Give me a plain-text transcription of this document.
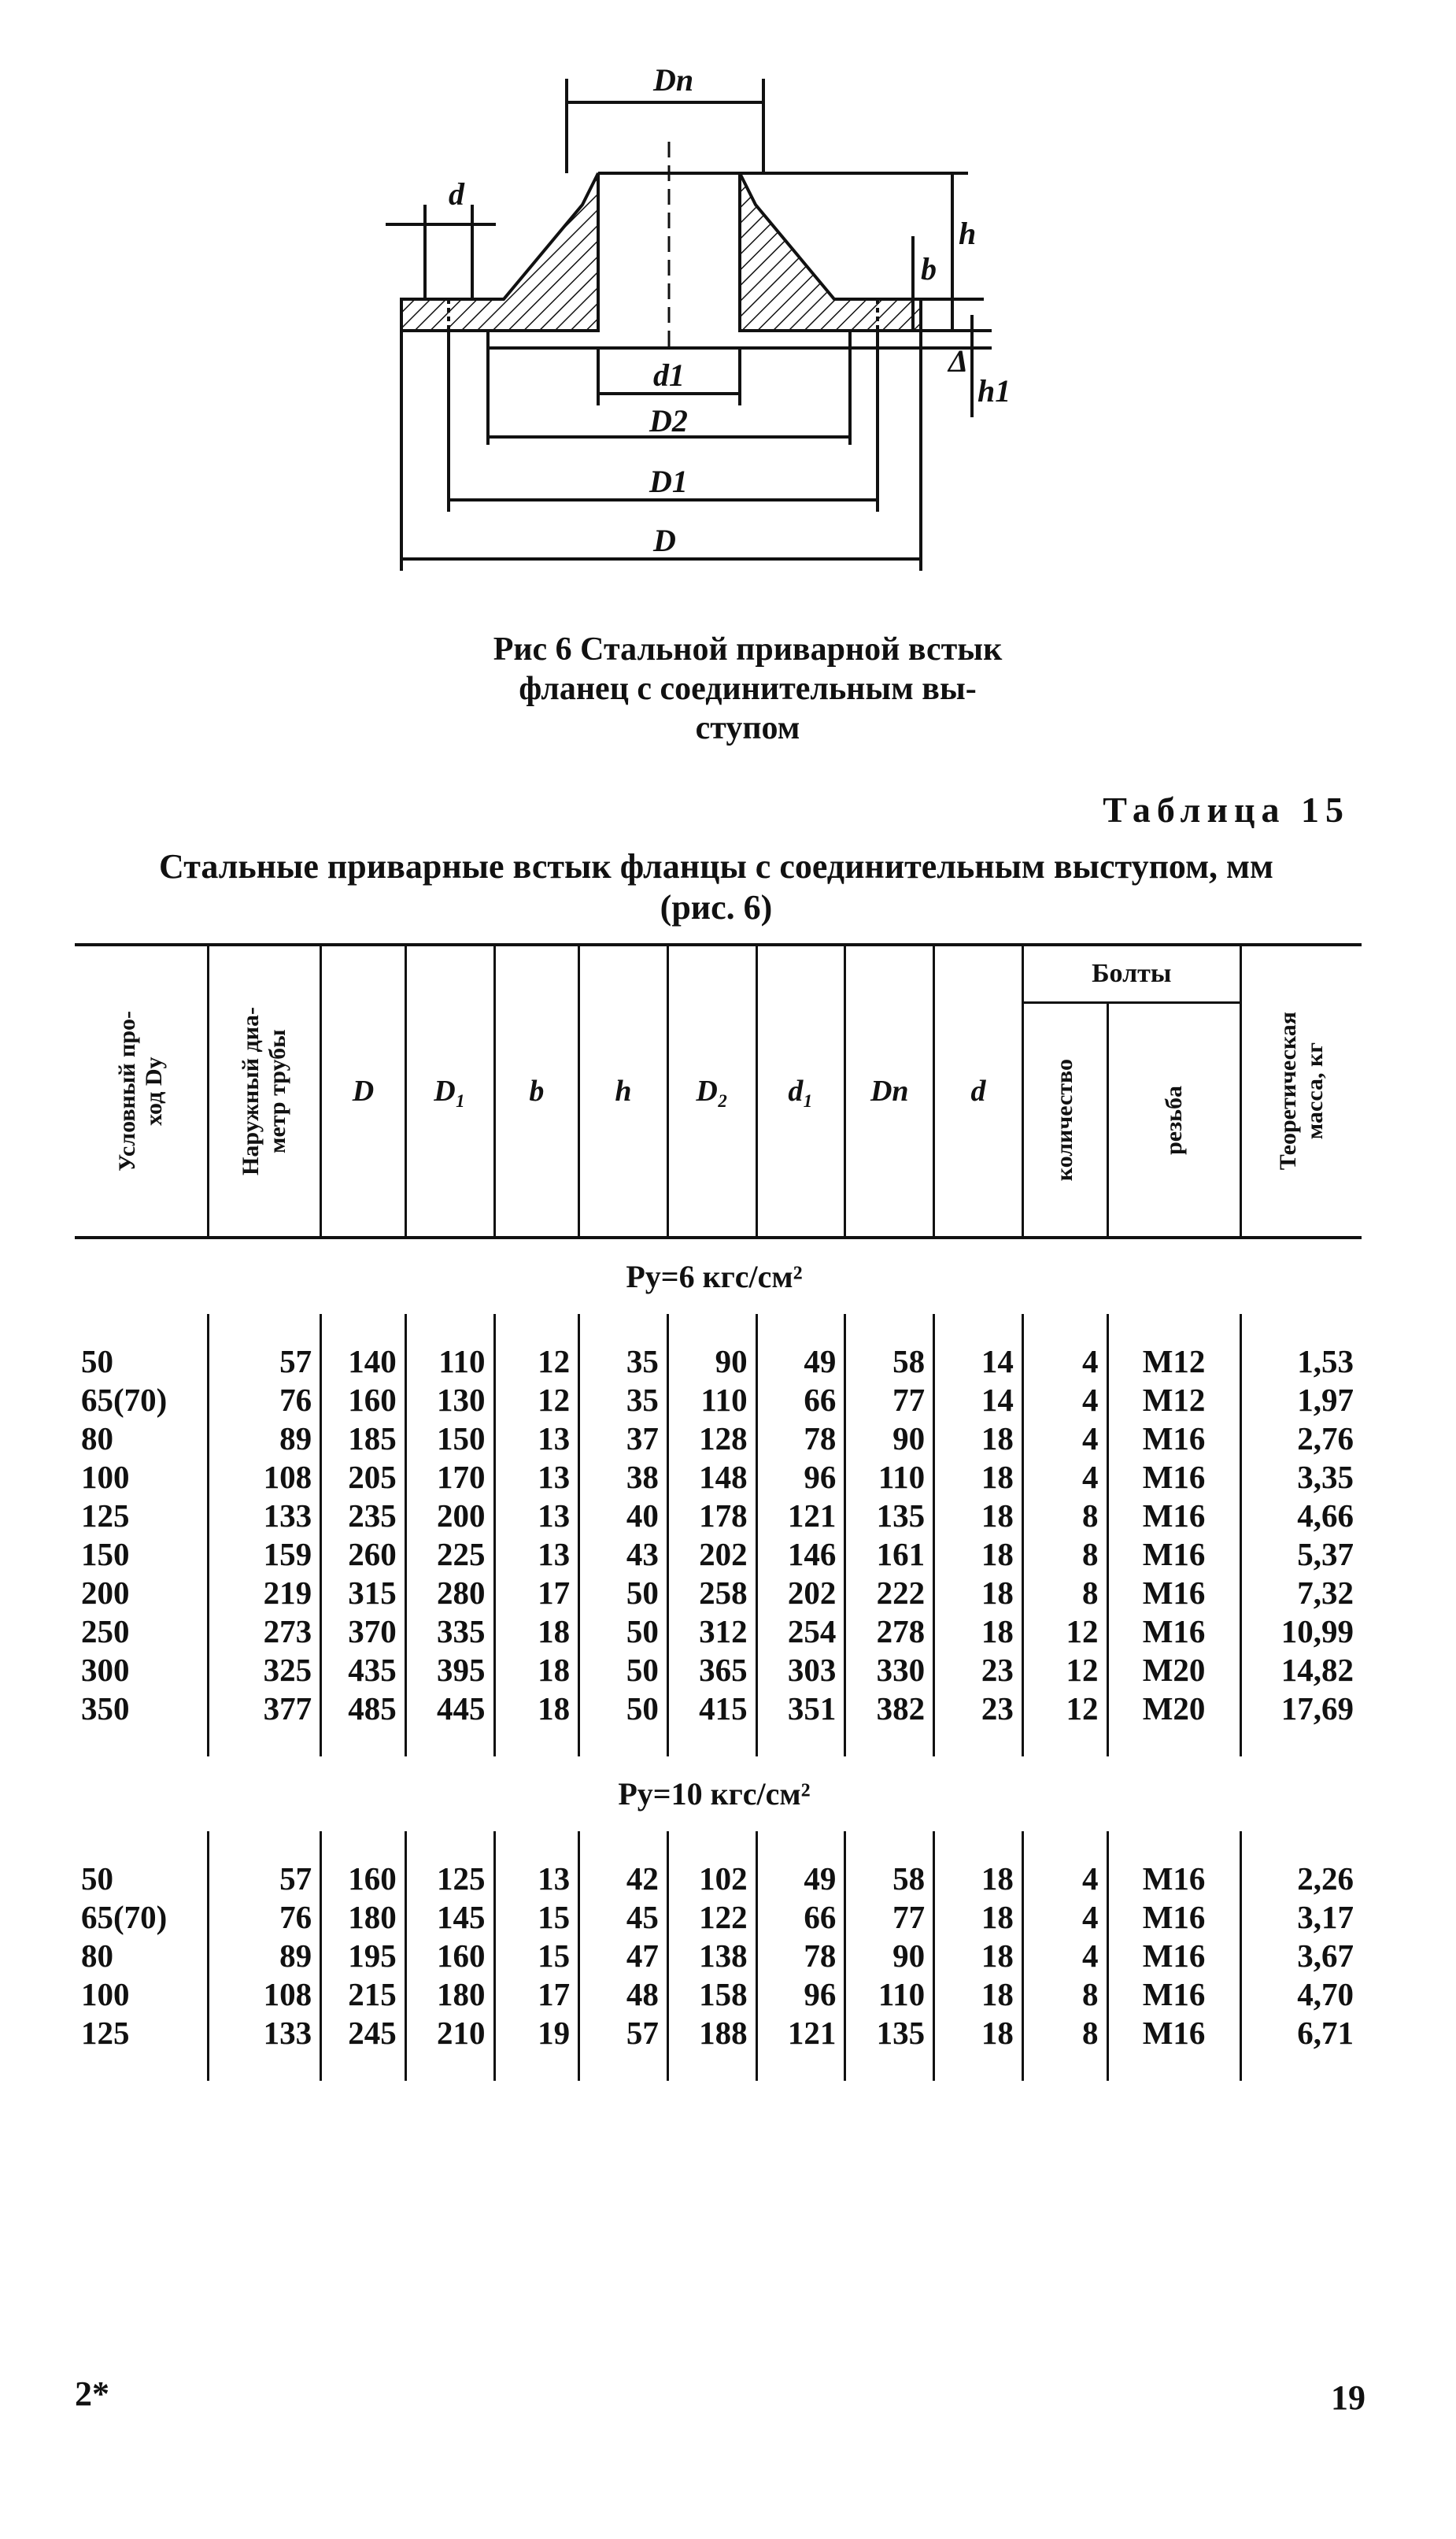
Dn
d
d1
D2
D1
D
h
b
h1
Δ
Рис 6 Стальной приварной встык
фланец с соединительным вы-
ступом
Таблица 15
Стальные приварные встык фланцы с соединительным выступом, мм
(рис. 6)
Условный про-
ход Dy	Наружный диа-
метр трубы	D	D₁	b	h	D₂	d₁	Dn	d	Болты		Теоретическая
масса, кг

										количество	резьба	

Pу=6 кгс/см²												

50	57	140	110	12	35	90	49	58	14	4	M12	1,53
65(70)	76	160	130	12	35	110	66	77	14	4	M12	1,97
80	89	185	150	13	37	128	78	90	18	4	M16	2,76
100	108	205	170	13	38	148	96	110	18	4	M16	3,35
125	133	235	200	13	40	178	121	135	18	8	M16	4,66
150	159	260	225	13	43	202	146	161	18	8	M16	5,37
200	219	315	280	17	50	258	202	222	18	8	M16	7,32
250	273	370	335	18	50	312	254	278	18	12	M16	10,99
300	325	435	395	18	50	365	303	330	23	12	M20	14,82
350	377	485	445	18	50	415	351	382	23	12	M20	17,69

Pу=10 кгс/см²												

50	57	160	125	13	42	102	49	58	18	4	M16	2,26
65(70)	76	180	145	15	45	122	66	77	18	4	M16	3,17
80	89	195	160	15	47	138	78	90	18	4	M16	3,67
100	108	215	180	17	48	158	96	110	18	8	M16	4,70
125	133	245	210	19	57	188	121	135	18	8	M16	6,71

2*	19
